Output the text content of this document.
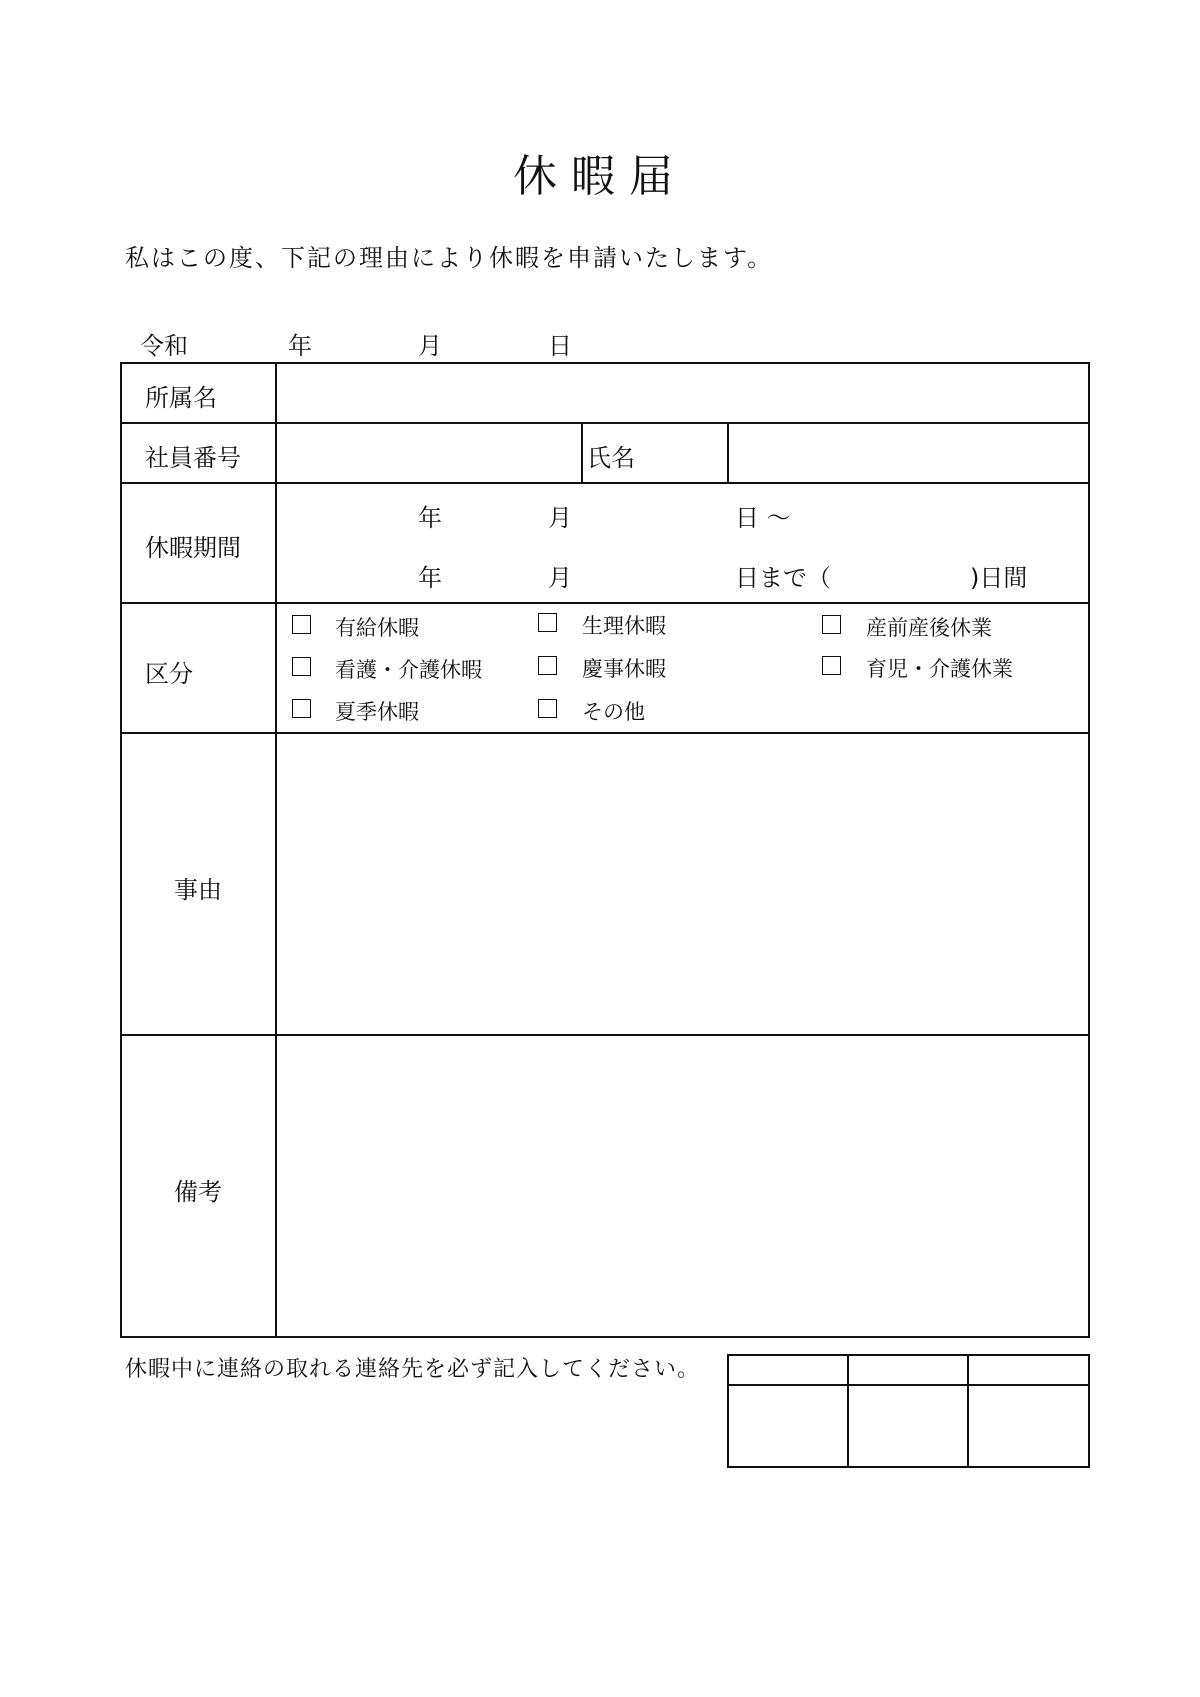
休暇届
私はこの度、下記の理由により休暇を申請いたします。
令和	年	月	日
所属名
社員番号	氏名
休暇期間
年	月	日 ～
年	月	日まで（	)日間
区分
有給休暇	生理休暇	産前産後休業
看護・介護休暇	慶事休暇	育児・介護休業
夏季休暇	その他
事由
備考
休暇中に連絡の取れる連絡先を必ず記入してください。
